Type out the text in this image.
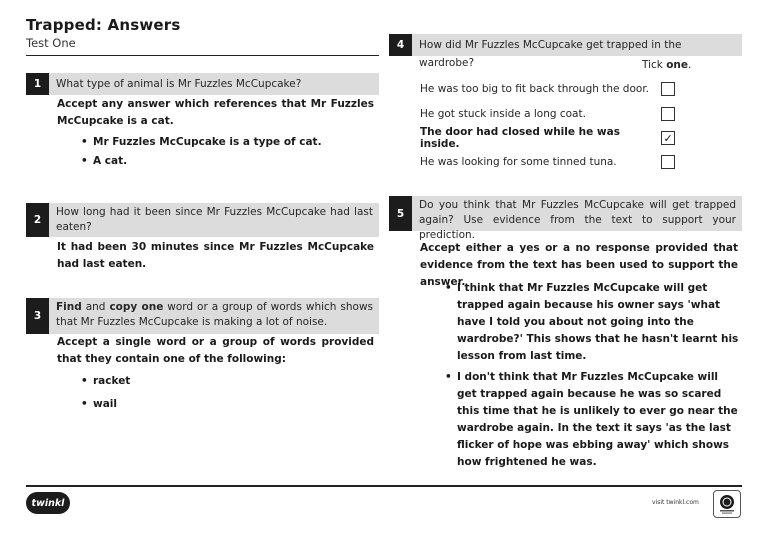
Trapped: Answers
Test One
1	What type of animal is Mr Fuzzles McCupcake?
Accept any answer which references that Mr Fuzzles McCupcake is a cat.
• Mr Fuzzles McCupcake is a type of cat.
• A cat.
2
How long had it been since Mr Fuzzles McCupcake had last eaten?
It had been 30 minutes since Mr Fuzzles McCupcake had last eaten.
3
Find and copy one word or a group of words which shows that Mr Fuzzles McCupcake is making a lot of noise.
Accept a single word or a group of words provided that they contain one of the following:
• racket
• wail
4	How did Mr Fuzzles McCupcake get trapped in the wardrobe?	Tick one.
He was too big to fit back through the door.
He got stuck inside a long coat.
The door had closed while he was inside.	✓
He was looking for some tinned tuna.
5
Do you think that Mr Fuzzles McCupcake will get trapped again? Use evidence from the text to support your prediction.
Accept either a yes or a no response provided that evidence from the text has been used to support the answer.
• I think that Mr Fuzzles McCupcake will get trapped again because his owner says 'what have I told you about not going into the wardrobe?' This shows that he hasn't learnt his lesson from last time.
• I don't think that Mr Fuzzles McCupcake will get trapped again because he was so scared this time that he is unlikely to ever go near the wardrobe again. In the text it says 'as the last flicker of hope was ebbing away' which shows how frightened he was.
twinkl	visit twinkl.com
